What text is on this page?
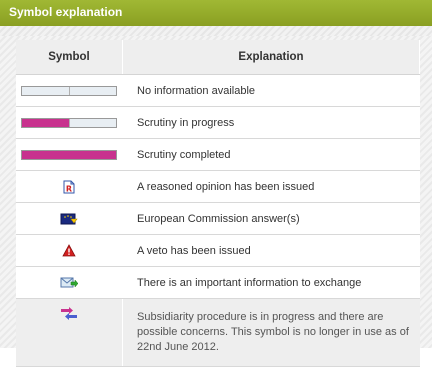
Symbol explanation
Symbol	Explanation

	No information available

	Scrutiny in progress

	Scrutiny completed

R	A reasoned opinion has been issued
	European Commission answer(s)
	A veto has been issued
	There is an important information to exchange
	Subsidiarity procedure is in progress and there are possible concerns. This symbol is no longer in use as of 22nd June 2012.
